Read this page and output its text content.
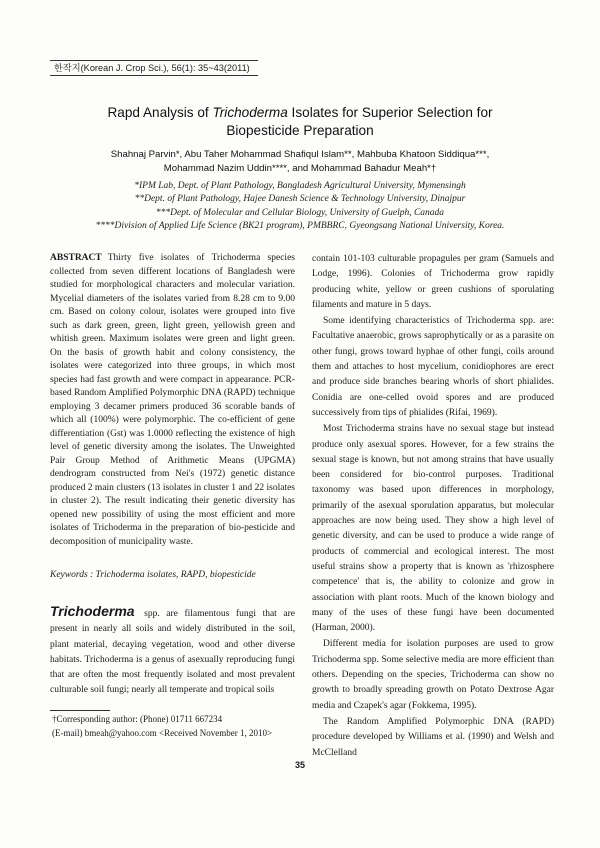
한작지(Korean J. Crop Sci.), 56(1): 35~43(2011)
Rapd Analysis of Trichoderma Isolates for Superior Selection for
Biopesticide Preparation
Shahnaj Parvin*, Abu Taher Mohammad Shafiqul Islam**, Mahbuba Khatoon Siddiqua***,
Mohammad Nazim Uddin****, and Mohammad Bahadur Meah*†
*IPM Lab, Dept. of Plant Pathology, Bangladesh Agricultural University, Mymensingh
**Dept. of Plant Pathology, Hajee Danesh Science & Technology University, Dinajpur
***Dept. of Molecular and Cellular Biology, University of Guelph, Canada
****Division of Applied Life Science (BK21 program), PMBBRC, Gyeongsang National University, Korea.
ABSTRACT Thirty five isolates of Trichoderma species collected from seven different locations of Bangladesh were studied for morphological characters and molecular variation. Mycelial diameters of the isolates varied from 8.28 cm to 9.00 cm. Based on colony colour, isolates were grouped into five such as dark green, green, light green, yellowish green and whitish green. Maximum isolates were green and light green. On the basis of growth habit and colony consistency, the isolates were categorized into three groups, in which most species had fast growth and were compact in appearance. PCR-based Random Amplified Polymorphic DNA (RAPD) technique employing 3 decamer primers produced 36 scorable bands of which all (100%) were polymorphic. The co-efficient of gene differentiation (Gst) was 1.0000 reflecting the existence of high level of genetic diversity among the isolates. The Unweighted Pair Group Method of Arithmetic Means (UPGMA) dendrogram constructed from Nei's (1972) genetic distance produced 2 main clusters (13 isolates in cluster 1 and 22 isolates in cluster 2). The result indicating their genetic diversity has opened new possibility of using the most efficient and more isolates of Trichoderma in the preparation of bio-pesticide and decomposition of municipality waste.
Keywords : Trichoderma isolates, RAPD, biopesticide
Trichoderma spp. are filamentous fungi that are present in nearly all soils and widely distributed in the soil, plant material, decaying vegetation, wood and other diverse habitats. Trichoderma is a genus of asexually reproducing fungi that are often the most frequently isolated and most prevalent culturable soil fungi; nearly all temperate and tropical soils
†Corresponding author: (Phone) 01711 667234
(E-mail) bmeah@yahoo.com <Received November 1, 2010>

contain 101-103 culturable propagules per gram (Samuels and Lodge, 1996). Colonies of Trichoderma grow rapidly producing white, yellow or green cushions of sporulating filaments and mature in 5 days.

Some identifying characteristics of Trichoderma spp. are: Facultative anaerobic, grows saprophytically or as a parasite on other fungi, grows toward hyphae of other fungi, coils around them and attaches to host mycelium, conidiophores are erect and produce side branches bearing whorls of short phialides. Conidia are one-celled ovoid spores and are produced successively from tips of phialides (Rifai, 1969).

Most Trichoderma strains have no sexual stage but instead produce only asexual spores. However, for a few strains the sexual stage is known, but not among strains that have usually been considered for bio-control purposes. Traditional taxonomy was based upon differences in morphology, primarily of the asexual sporulation apparatus, but molecular approaches are now being used. They show a high level of genetic diversity, and can be used to produce a wide range of products of commercial and ecological interest. The most useful strains show a property that is known as 'rhizosphere competence' that is, the ability to colonize and grow in association with plant roots. Much of the known biology and many of the uses of these fungi have been documented (Harman, 2000).

Different media for isolation purposes are used to grow Trichoderma spp. Some selective media are more efficient than others. Depending on the species, Trichoderma can show no growth to broadly spreading growth on Potato Dextrose Agar media and Czapek's agar (Fokkema, 1995).

The Random Amplified Polymorphic DNA (RAPD) procedure developed by Williams et al. (1990) and Welsh and McClelland

35
